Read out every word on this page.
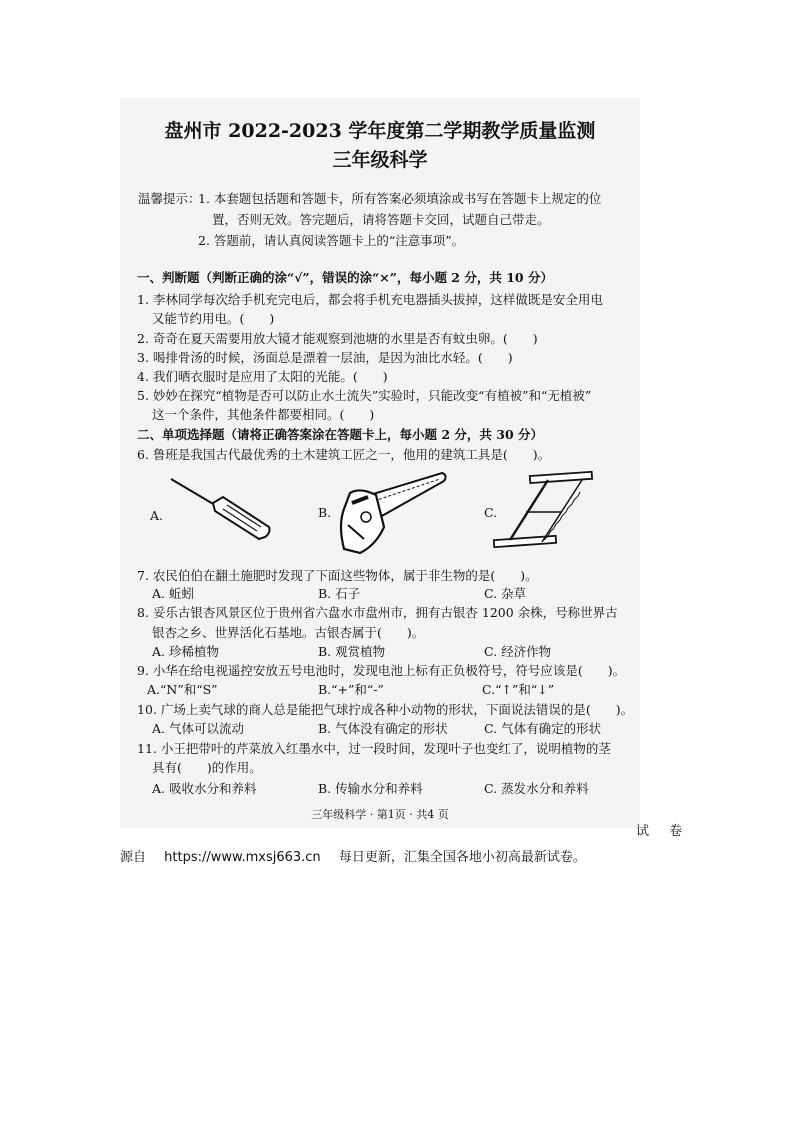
盘州市 2022-2023 学年度第二学期教学质量监测
三年级科学
温馨提示：
1. 本套题包括题和答题卡，所有答案必须填涂或书写在答题卡上规定的位
置，否则无效。答完题后，请将答题卡交回，试题自己带走。
2. 答题前，请认真阅读答题卡上的“注意事项”。
一、判断题（判断正确的涂“√”，错误的涂“×”，每小题 2 分，共 10 分）
1. 李林同学每次给手机充完电后，都会将手机充电器插头拔掉，这样做既是安全用电
又能节约用电。(　　)
2. 奇奇在夏天需要用放大镜才能观察到池塘的水里是否有蚊虫卵。(　　)
3. 喝排骨汤的时候，汤面总是漂着一层油，是因为油比水轻。(　　)
4. 我们晒衣服时是应用了太阳的光能。(　　)
5. 妙妙在探究“植物是否可以防止水土流失”实验时，只能改变“有植被”和“无植被”
这一个条件，其他条件都要相同。(　　)
二、单项选择题（请将正确答案涂在答题卡上，每小题 2 分，共 30 分）
6. 鲁班是我国古代最优秀的土木建筑工匠之一，他用的建筑工具是(　　)。
A.	B.	C.
7. 农民伯伯在翻土施肥时发现了下面这些物体，属于非生物的是(　　)。
A. 蚯蚓	B. 石子	C. 杂草
8. 妥乐古银杏风景区位于贵州省六盘水市盘州市，拥有古银杏 1200 余株，号称世界古
银杏之乡、世界活化石基地。古银杏属于(　　)。
A. 珍稀植物	B. 观赏植物	C. 经济作物
9. 小华在给电视遥控安放五号电池时，发现电池上标有正负极符号，符号应该是(　　)。
A.“N”和“S”	B.“+”和“-”	C.“↑”和“↓”
10. 广场上卖气球的商人总是能把气球拧成各种小动物的形状，下面说法错误的是(　　)。
A. 气体可以流动	B. 气体没有确定的形状	C. 气体有确定的形状
11. 小王把带叶的芹菜放入红墨水中，过一段时间，发现叶子也变红了，说明植物的茎
具有(　　)的作用。
A. 吸收水分和养料	B. 传输水分和养料	C. 蒸发水分和养料
三年级科学 · 第1页 · 共4 页
试 卷
源自 https://www.mxsj663.cn 每日更新，汇集全国各地小初高最新试卷。
